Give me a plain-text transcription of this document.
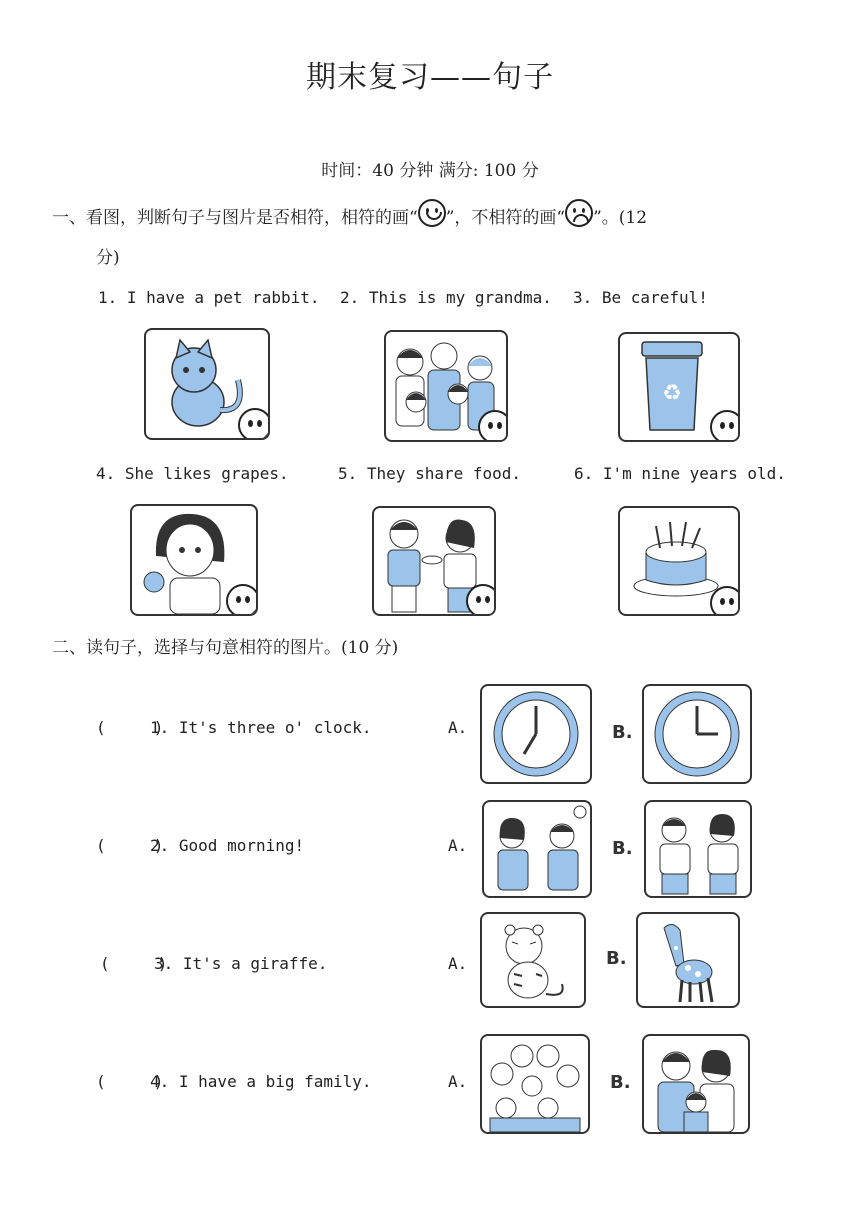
期末复习——句子
时间：40 分钟 满分: 100 分
一、看图，判断句子与图片是否相符，相符的画“ ”，不相符的画“ ”。(12
分)
1. I have a pet rabbit. 2. This is my grandma. 3. Be careful!
♻
4. She likes grapes.	5. They share food.	6. I'm nine years old.
二、读句子，选择与句意相符的图片。(10 分)
(     )
1. It's three o' clock.	A.	B.
(     )
2. Good morning!	A.	B.
(     )
3. It's a giraffe.	A.	B.
(     )
4. I have a big family.	A.	B.
